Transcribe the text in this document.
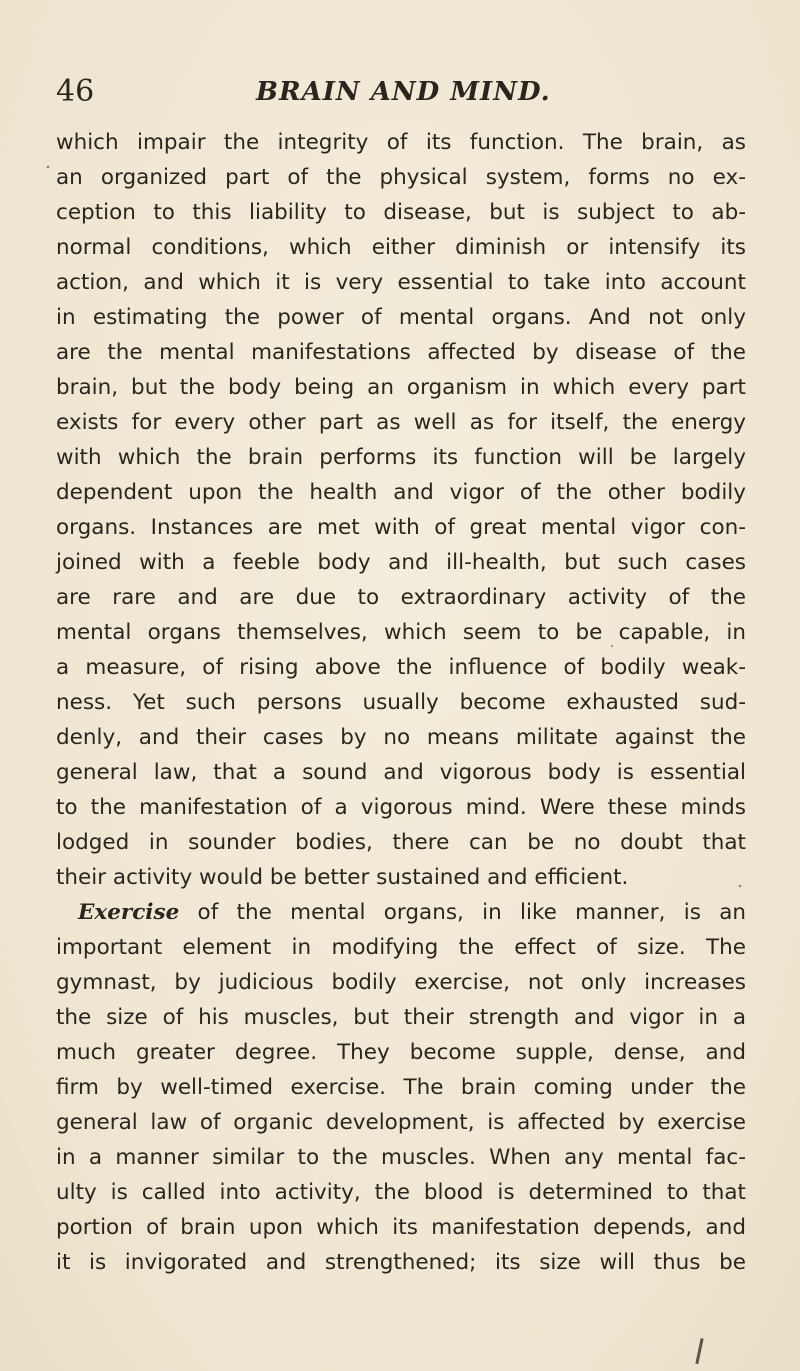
46	BRAIN AND MIND.
which impair the integrity of its function. The brain, as
an organized part of the physical system, forms no ex-
ception to this liability to disease, but is subject to ab-
normal conditions, which either diminish or intensify its
action, and which it is very essential to take into account
in estimating the power of mental organs. And not only
are the mental manifestations affected by disease of the
brain, but the body being an organism in which every part
exists for every other part as well as for itself, the energy
with which the brain performs its function will be largely
dependent upon the health and vigor of the other bodily
organs. Instances are met with of great mental vigor con-
joined with a feeble body and ill-health, but such cases
are rare and are due to extraordinary activity of the
mental organs themselves, which seem to be capable, in
a measure, of rising above the influence of bodily weak-
ness. Yet such persons usually become exhausted sud-
denly, and their cases by no means militate against the
general law, that a sound and vigorous body is essential
to the manifestation of a vigorous mind. Were these minds
lodged in sounder bodies, there can be no doubt that
their activity would be better sustained and efficient.
Exercise of the mental organs, in like manner, is an
important element in modifying the effect of size. The
gymnast, by judicious bodily exercise, not only increases
the size of his muscles, but their strength and vigor in a
much greater degree. They become supple, dense, and
firm by well-timed exercise. The brain coming under the
general law of organic development, is affected by exercise
in a manner similar to the muscles. When any mental fac-
ulty is called into activity, the blood is determined to that
portion of brain upon which its manifestation depends, and
it is invigorated and strengthened; its size will thus be
